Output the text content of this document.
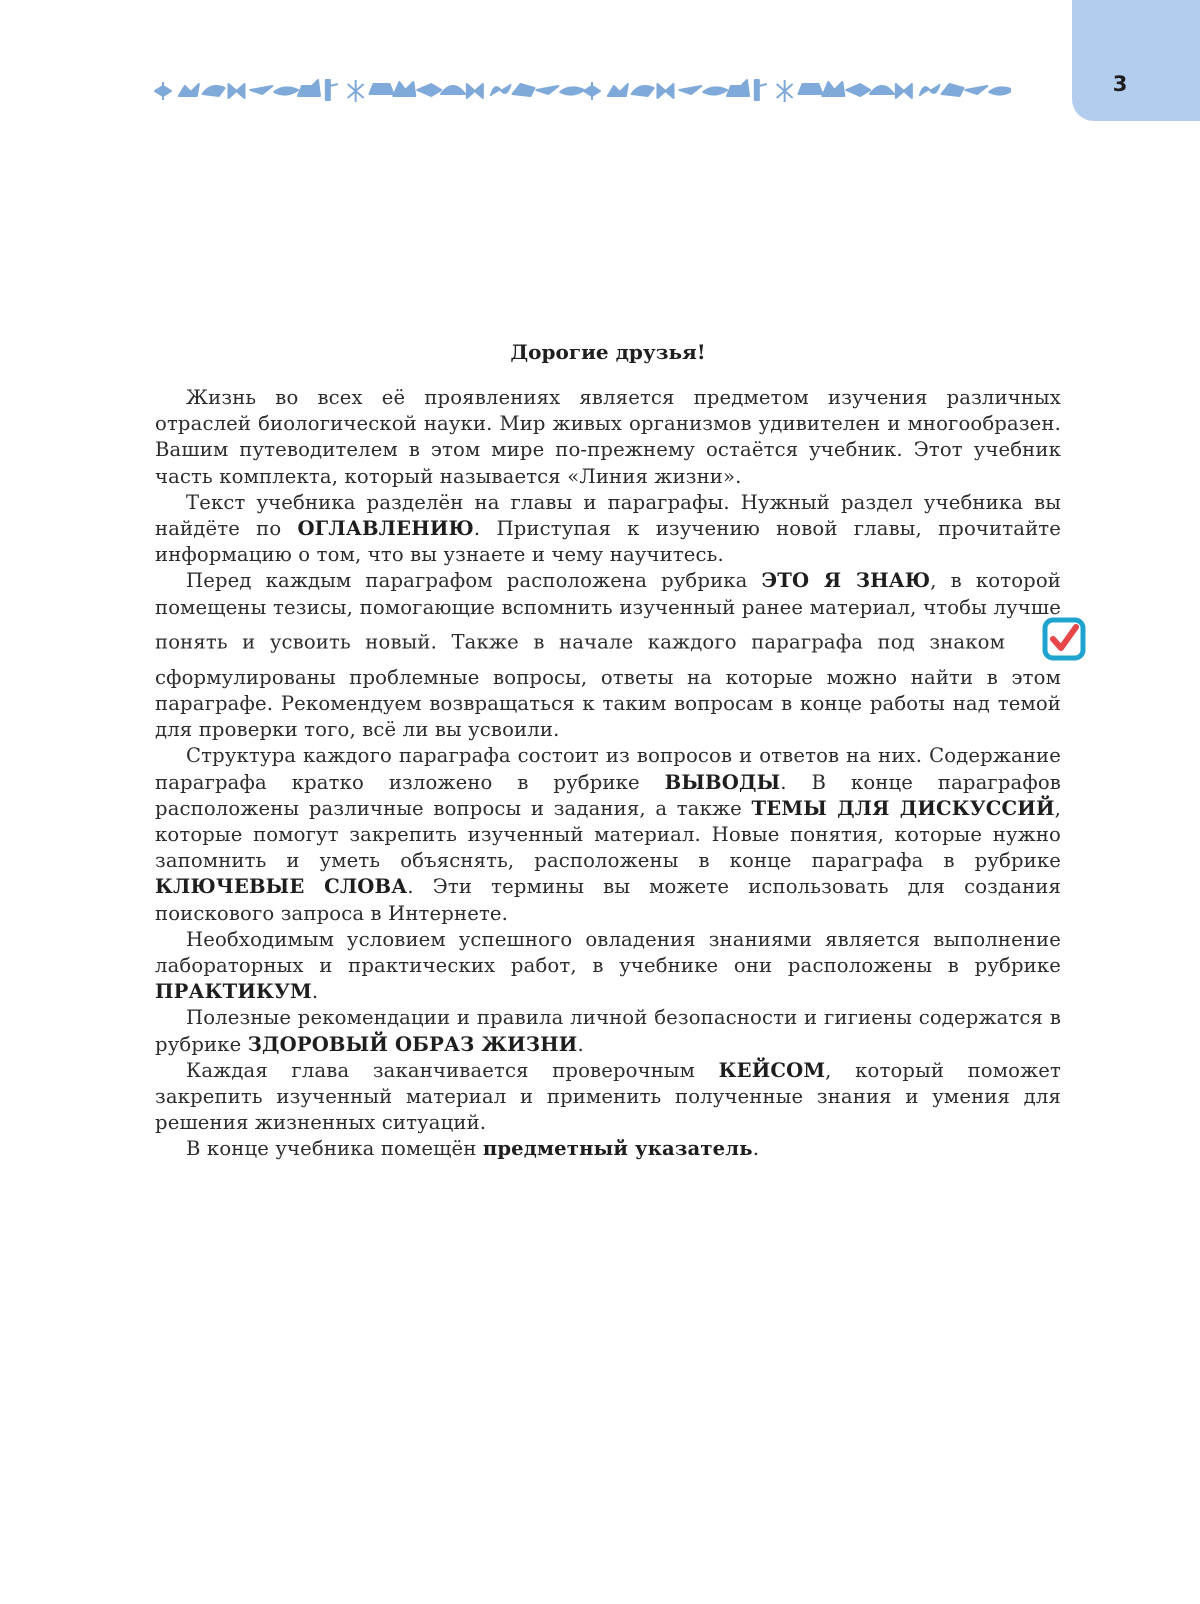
3
Дорогие друзья!

Жизнь во всех её проявлениях является предметом изучения различных отраслей биологической науки. Мир живых организмов удивителен и многообразен. Вашим путеводителем в этом мире по-прежнему остаётся учебник. Этот учебник часть комплекта, который называется «Линия жизни».

Текст учебника разделён на главы и параграфы. Нужный раздел учебника вы найдёте по ОГЛАВЛЕНИЮ. Приступая к изучению новой главы, прочитайте информацию о том, что вы узнаете и чему научитесь.

Перед каждым параграфом расположена рубрика ЭТО Я ЗНАЮ, в которой помещены тезисы, помогающие вспомнить изученный ранее материал, чтобы лучше понять и усвоить новый. Также в начале каждого параграфа под знакомсформулированы проблемные вопросы, ответы на которые можно найти в этом параграфе. Рекомендуем возвращаться к таким вопросам в конце работы над темой для проверки того, всё ли вы усвоили.

Структура каждого параграфа состоит из вопросов и ответов на них. Содержание параграфа кратко изложено в рубрике ВЫВОДЫ. В конце параграфов расположены различные вопросы и задания, а также ТЕМЫ ДЛЯ ДИСКУССИЙ, которые помогут закрепить изученный материал. Новые понятия, которые нужно запомнить и уметь объяснять, расположены в конце параграфа в рубрике КЛЮЧЕВЫЕ СЛОВА. Эти термины вы можете использовать для создания поискового запроса в Интернете.

Необходимым условием успешного овладения знаниями является выполнение лабораторных и практических работ, в учебнике они расположены в рубрике ПРАКТИКУМ.

Полезные рекомендации и правила личной безопасности и гигиены содержатся в рубрике ЗДОРОВЫЙ ОБРАЗ ЖИЗНИ.

Каждая глава заканчивается проверочным КЕЙСОМ, который поможет закрепить изученный материал и применить полученные знания и умения для решения жизненных ситуаций.

В конце учебника помещён предметный указатель.
